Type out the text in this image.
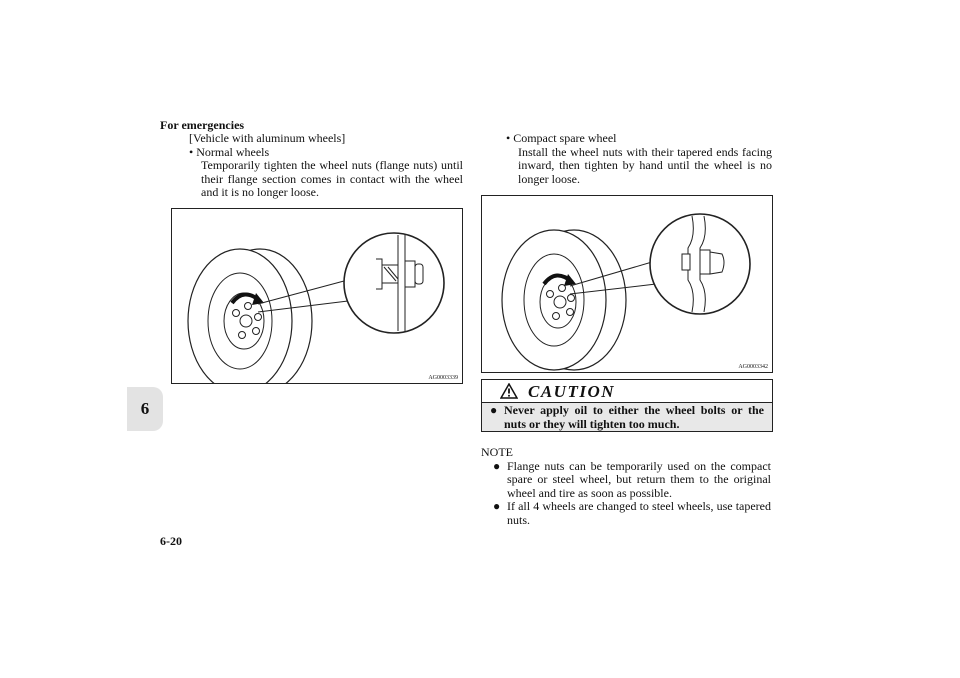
For emergencies
6
6-20
[Vehicle with aluminum wheels]
• Normal wheels
Temporarily tighten the wheel nuts (flange nuts) until their flange section comes in contact with the wheel and it is no longer loose.
AG0003339
• Compact spare wheel
Install the wheel nuts with their tapered ends facing inward, then tighten by hand until the wheel is no longer loose.
AG0003342
CAUTION
● Never apply oil to either the wheel bolts or the nuts or they will tighten too much.
NOTE
● Flange nuts can be temporarily used on the compact spare or steel wheel, but return them to the original wheel and tire as soon as possible.
● If all 4 wheels are changed to steel wheels, use tapered nuts.
